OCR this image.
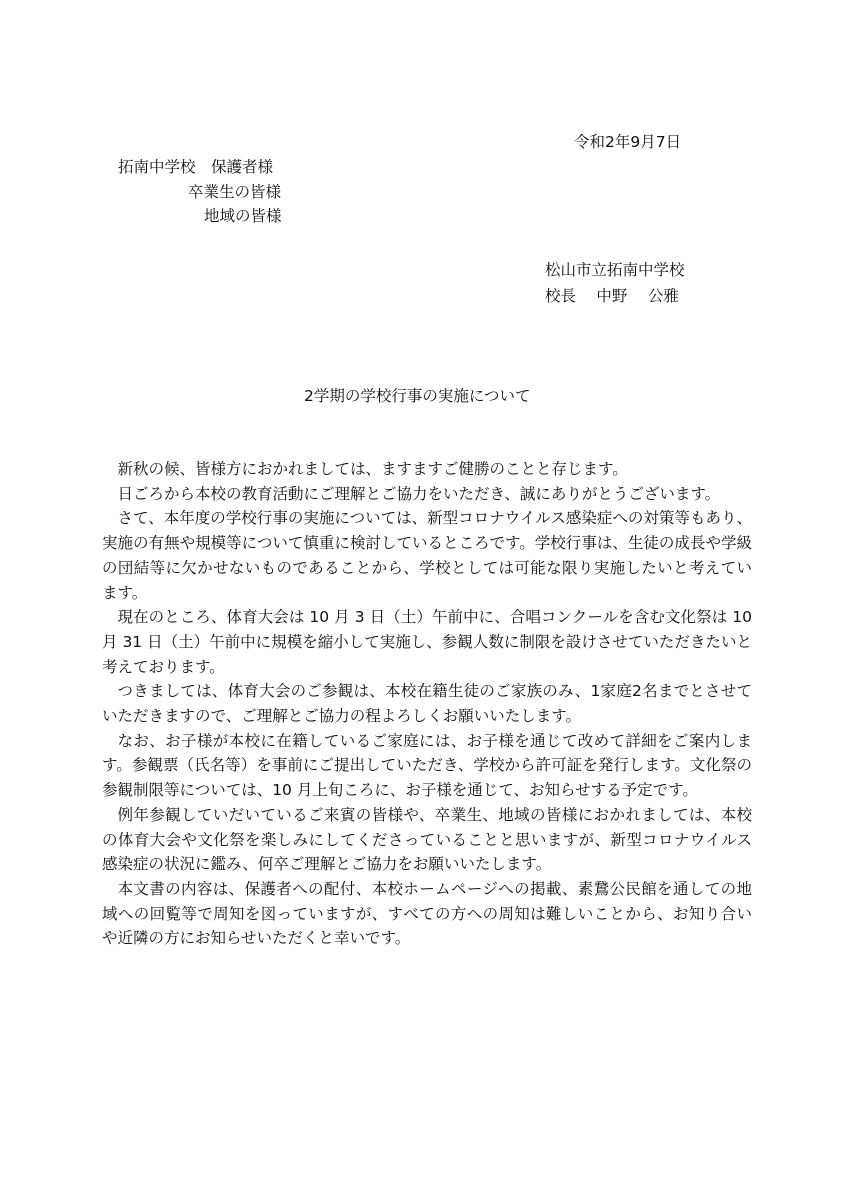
令和2年9月7日

拓南中学校　保護者様

卒業生の皆様

地域の皆様

松山市立拓南中学校

校長　 中野　 公雅

2学期の学校行事の実施について

新秋の候、皆様方におかれましては、ますますご健勝のことと存じます。

日ごろから本校の教育活動にご理解とご協力をいただき、誠にありがとうございます。

さて、本年度の学校行事の実施については、新型コロナウイルス感染症への対策等もあり、実施の有無や規模等について慎重に検討しているところです。学校行事は、生徒の成長や学級の団結等に欠かせないものであることから、学校としては可能な限り実施したいと考えています。

現在のところ、体育大会は 10 月 3 日（土）午前中に、合唱コンクールを含む文化祭は 10 月 31 日（土）午前中に規模を縮小して実施し、参観人数に制限を設けさせていただきたいと考えております。

つきましては、体育大会のご参観は、本校在籍生徒のご家族のみ、1家庭2名までとさせていただきますので、ご理解とご協力の程よろしくお願いいたします。

なお、お子様が本校に在籍しているご家庭には、お子様を通じて改めて詳細をご案内します。参観票（氏名等）を事前にご提出していただき、学校から許可証を発行します。文化祭の参観制限等については、10 月上旬ころに、お子様を通じて、お知らせする予定です。

例年参観していだいているご来賓の皆様や、卒業生、地域の皆様におかれましては、本校の体育大会や文化祭を楽しみにしてくださっていることと思いますが、新型コロナウイルス感染症の状況に鑑み、何卒ご理解とご協力をお願いいたします。

本文書の内容は、保護者への配付、本校ホームページへの掲載、素鵞公民館を通しての地域への回覧等で周知を図っていますが、すべての方への周知は難しいことから、お知り合いや近隣の方にお知らせいただくと幸いです。
